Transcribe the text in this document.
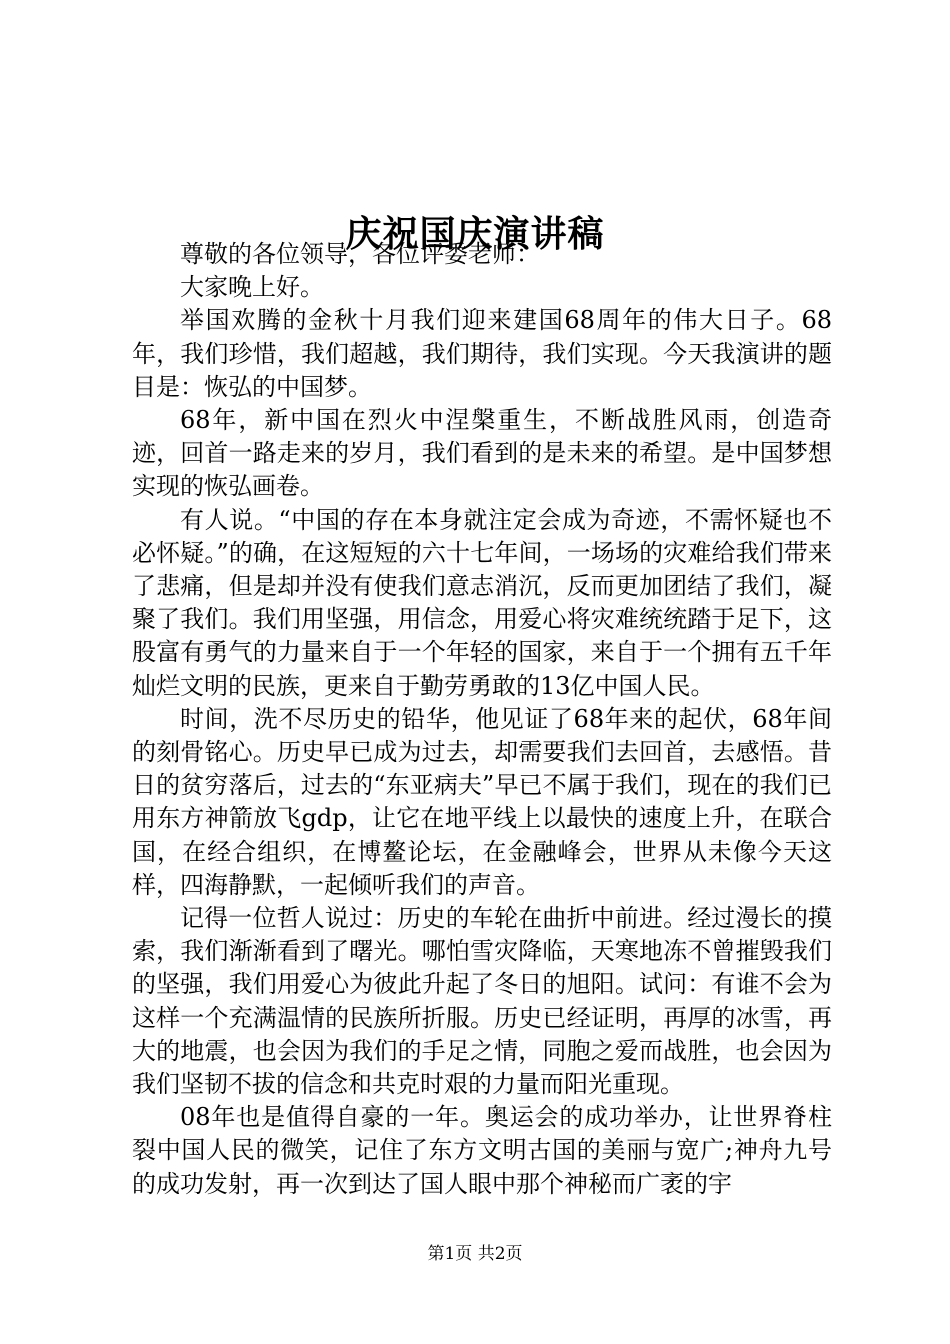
庆祝国庆演讲稿

尊敬的各位领导，各位评委老师：

大家晚上好。

举国欢腾的金秋十月我们迎来建国68周年的伟大日子。68年，我们珍惜，我们超越，我们期待，我们实现。今天我演讲的题目是：恢弘的中国梦。

68年，新中国在烈火中涅槃重生，不断战胜风雨，创造奇迹，回首一路走来的岁月，我们看到的是未来的希望。是中国梦想实现的恢弘画卷。

有人说。“中国的存在本身就注定会成为奇迹，不需怀疑也不必怀疑。”的确，在这短短的六十七年间，一场场的灾难给我们带来了悲痛，但是却并没有使我们意志消沉，反而更加团结了我们，凝聚了我们。我们用坚强，用信念，用爱心将灾难统统踏于足下，这股富有勇气的力量来自于一个年轻的国家，来自于一个拥有五千年灿烂文明的民族，更来自于勤劳勇敢的13亿中国人民。

时间，洗不尽历史的铅华，他见证了68年来的起伏，68年间的刻骨铭心。历史早已成为过去，却需要我们去回首，去感悟。昔日的贫穷落后，过去的“东亚病夫”早已不属于我们，现在的我们已用东方神箭放飞gdp，让它在地平线上以最快的速度上升，在联合国，在经合组织，在博鳌论坛，在金融峰会，世界从未像今天这样，四海静默，一起倾听我们的声音。

记得一位哲人说过：历史的车轮在曲折中前进。经过漫长的摸索，我们渐渐看到了曙光。哪怕雪灾降临，天寒地冻不曾摧毁我们的坚强，我们用爱心为彼此升起了冬日的旭阳。试问：有谁不会为这样一个充满温情的民族所折服。历史已经证明，再厚的冰雪，再大的地震，也会因为我们的手足之情，同胞之爱而战胜，也会因为我们坚韧不拔的信念和共克时艰的力量而阳光重现。

08年也是值得自豪的一年。奥运会的成功举办，让世界脊柱裂中国人民的微笑，记住了东方文明古国的美丽与宽广;神舟九号的成功发射，再一次到达了国人眼中那个神秘而广袤的宇

第1页 共2页
